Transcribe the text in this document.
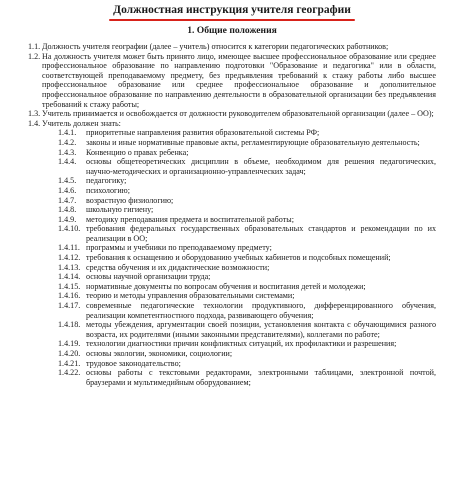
Должностная инструкция учителя географии
1. Общие положения
1.1. Должность учителя географии (далее – учитель) относится к категории педагогических работников;
1.2. На должность учителя может быть принято лицо, имеющее высшее профессиональное образование или среднее профессиональное образование по направлению подготовки "Образование и педагогика" или в области, соответствующей преподаваемому предмету, без предъявления требований к стажу работы либо высшее профессиональное образование или среднее профессиональное образование и дополнительное профессиональное образование по направлению деятельности в образовательной организации без предъявления требований к стажу работы;
1.3. Учитель принимается и освобождается от должности руководителем образовательной организации (далее – ОО);
1.4. Учитель должен знать:
1.4.1.	приоритетные направления развития образовательной системы РФ;
1.4.2.	законы и иные нормативные правовые акты, регламентирующие образовательную деятельность;
1.4.3.	Конвенцию о правах ребенка;
1.4.4.	основы общетеоретических дисциплин в объеме, необходимом для решения педагогических, научно-методических и организационно-управленческих задач;
1.4.5.	педагогику;
1.4.6.	психологию;
1.4.7.	возрастную физиологию;
1.4.8.	школьную гигиену;
1.4.9.	методику преподавания предмета и воспитательной работы;
1.4.10. требования федеральных государственных образовательных стандартов и рекомендации по их реализации в ОО;
1.4.11. программы и учебники по преподаваемому предмету;
1.4.12. требования к оснащению и оборудованию учебных кабинетов и подсобных помещений;
1.4.13. средства обучения и их дидактические возможности;
1.4.14. основы научной организации труда;
1.4.15. нормативные документы по вопросам обучения и воспитания детей и молодежи;
1.4.16. теорию и методы управления образовательными системами;
1.4.17. современные педагогические технологии продуктивного, дифференцированного обучения, реализации компетентностного подхода, развивающего обучения;
1.4.18. методы убеждения, аргументации своей позиции, установления контакта с обучающимися разного возраста, их родителями (иными законными представителями), коллегами по работе;
1.4.19. технологии диагностики причин конфликтных ситуаций, их профилактики и разрешения;
1.4.20. основы экологии, экономики, социологии;
1.4.21. трудовое законодательство;
1.4.22. основы работы с текстовыми редакторами, электронными таблицами, электронной почтой, браузерами и мультимедийным оборудованием;
